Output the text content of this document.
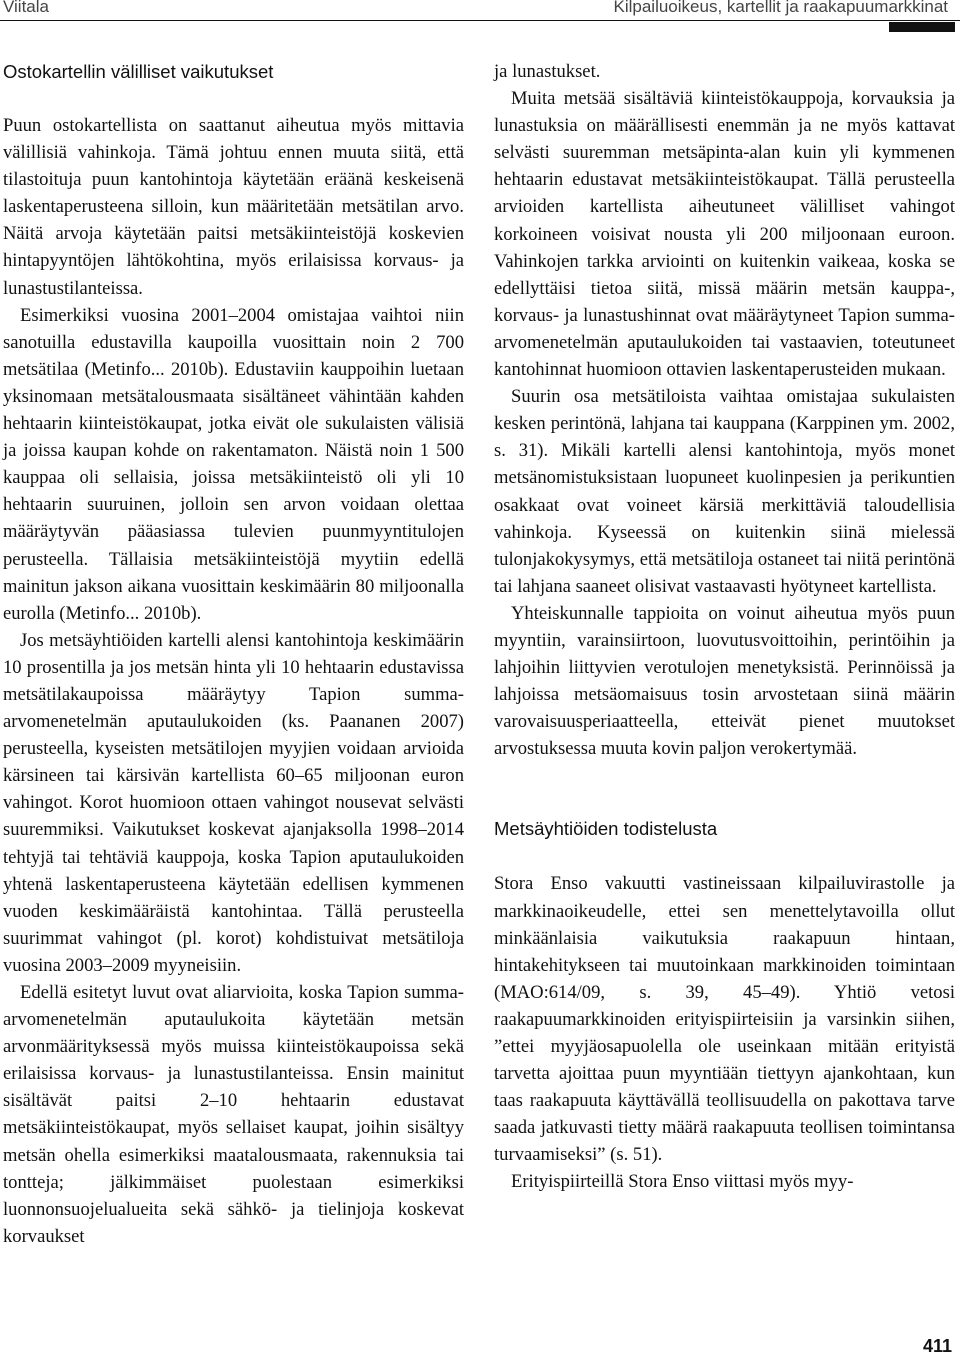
Viitala	Kilpailuoikeus, kartellit ja raakapuumarkkinat
Ostokartellin välilliset vaikutukset

Puun ostokartellista on saattanut aiheutua myös mittavia välillisiä vahinkoja. Tämä johtuu ennen muuta siitä, että tilastoituja puun kantohintoja käytetään eräänä keskeisenä laskentaperusteena silloin, kun määritetään metsätilan arvo. Näitä arvoja käytetään paitsi metsäkiinteistöjä koskevien hintapyyntöjen lähtökohtina, myös erilaisissa korvaus- ja lunastustilanteissa.

Esimerkiksi vuosina 2001–2004 omistajaa vaihtoi niin sanotuilla edustavilla kaupoilla vuosittain noin 2 700 metsätilaa (Metinfo... 2010b). Edustaviin kauppoihin luetaan yksinomaan metsätalousmaata sisältäneet vähintään kahden hehtaarin kiinteistökaupat, jotka eivät ole sukulaisten välisiä ja joissa kaupan kohde on rakentamaton. Näistä noin 1 500 kauppaa oli sellaisia, joissa metsäkiinteistö oli yli 10 hehtaarin suuruinen, jolloin sen arvon voidaan olettaa määräytyvän pääasiassa tulevien puunmyyntitulojen perusteella. Tällaisia metsäkiinteistöjä myytiin edellä mainitun jakson aikana vuosittain keskimäärin 80 miljoonalla eurolla (Metinfo... 2010b).

Jos metsäyhtiöiden kartelli alensi kantohintoja keskimäärin 10 prosentilla ja jos metsän hinta yli 10 hehtaarin edustavissa metsätilakaupoissa määräytyy Tapion summa-arvomenetelmän aputaulukoiden (ks. Paananen 2007) perusteella, kyseisten metsätilojen myyjien voidaan arvioida kärsineen tai kärsivän kartellista 60–65 miljoonan euron vahingot. Korot huomioon ottaen vahingot nousevat selvästi suuremmiksi. Vaikutukset koskevat ajanjaksolla 1998–2014 tehtyjä tai tehtäviä kauppoja, koska Tapion aputaulukoiden yhtenä laskentaperusteena käytetään edellisen kymmenen vuoden keskimääräistä kantohintaa. Tällä perusteella suurimmat vahingot (pl. korot) kohdistuivat metsätiloja vuosina 2003–2009 myyneisiin.

Edellä esitetyt luvut ovat aliarvioita, koska Tapion summa-arvomenetelmän aputaulukoita käytetään metsän arvonmäärityksessä myös muissa kiinteistökaupoissa sekä erilaisissa korvaus- ja lunastustilanteissa. Ensin mainitut sisältävät paitsi 2–10 hehtaarin edustavat metsäkiinteistökaupat, myös sellaiset kaupat, joihin sisältyy metsän ohella esimerkiksi maatalousmaata, rakennuksia tai tontteja; jälkimmäiset puolestaan esimerkiksi luonnonsuojelualueita sekä sähkö- ja tielinjoja koskevat korvaukset

ja lunastukset.

Muita metsää sisältäviä kiinteistökauppoja, korvauksia ja lunastuksia on määrällisesti enemmän ja ne myös kattavat selvästi suuremman metsäpinta-alan kuin yli kymmenen hehtaarin edustavat metsäkiinteistökaupat. Tällä perusteella arvioiden kartellista aiheutuneet välilliset vahingot korkoineen voisivat nousta yli 200 miljoonaan euroon. Vahinkojen tarkka arviointi on kuitenkin vaikeaa, koska se edellyttäisi tietoa siitä, missä määrin metsän kauppa-, korvaus- ja lunastushinnat ovat määräytyneet Tapion summa-arvomenetelmän aputaulukoiden tai vastaavien, toteutuneet kantohinnat huomioon ottavien laskentaperusteiden mukaan.

Suurin osa metsätiloista vaihtaa omistajaa sukulaisten kesken perintönä, lahjana tai kauppana (Karppinen ym. 2002, s. 31). Mikäli kartelli alensi kantohintoja, myös monet metsänomistuksistaan luopuneet kuolinpesien ja perikuntien osakkaat ovat voineet kärsiä merkittäviä taloudellisia vahinkoja. Kyseessä on kuitenkin siinä mielessä tulonjakokysymys, että metsätiloja ostaneet tai niitä perintönä tai lahjana saaneet olisivat vastaavasti hyötyneet kartellista.

Yhteiskunnalle tappioita on voinut aiheutua myös puun myyntiin, varainsiirtoon, luovutusvoittoihin, perintöihin ja lahjoihin liittyvien verotulojen menetyksistä. Perinnöissä ja lahjoissa metsäomaisuus tosin arvostetaan siinä määrin varovaisuusperiaatteella, etteivät pienet muutokset arvostuksessa muuta kovin paljon verokertymää.

Metsäyhtiöiden todistelusta

Stora Enso vakuutti vastineissaan kilpailuvirastolle ja markkinaoikeudelle, ettei sen menettelytavoilla ollut minkäänlaisia vaikutuksia raakapuun hintaan, hintakehitykseen tai muutoinkaan markkinoiden toimintaan (MAO:614/09, s. 39, 45–49). Yhtiö vetosi raakapuumarkkinoiden erityispiirteisiin ja varsinkin siihen, ”ettei myyjäosapuolella ole useinkaan mitään erityistä tarvetta ajoittaa puun myyntiään tiettyyn ajankohtaan, kun taas raakapuuta käyttävällä teollisuudella on pakottava tarve saada jatkuvasti tietty määrä raakapuuta teollisen toimintansa turvaamiseksi” (s. 51).

Erityispiirteillä Stora Enso viittasi myös myy-

411
